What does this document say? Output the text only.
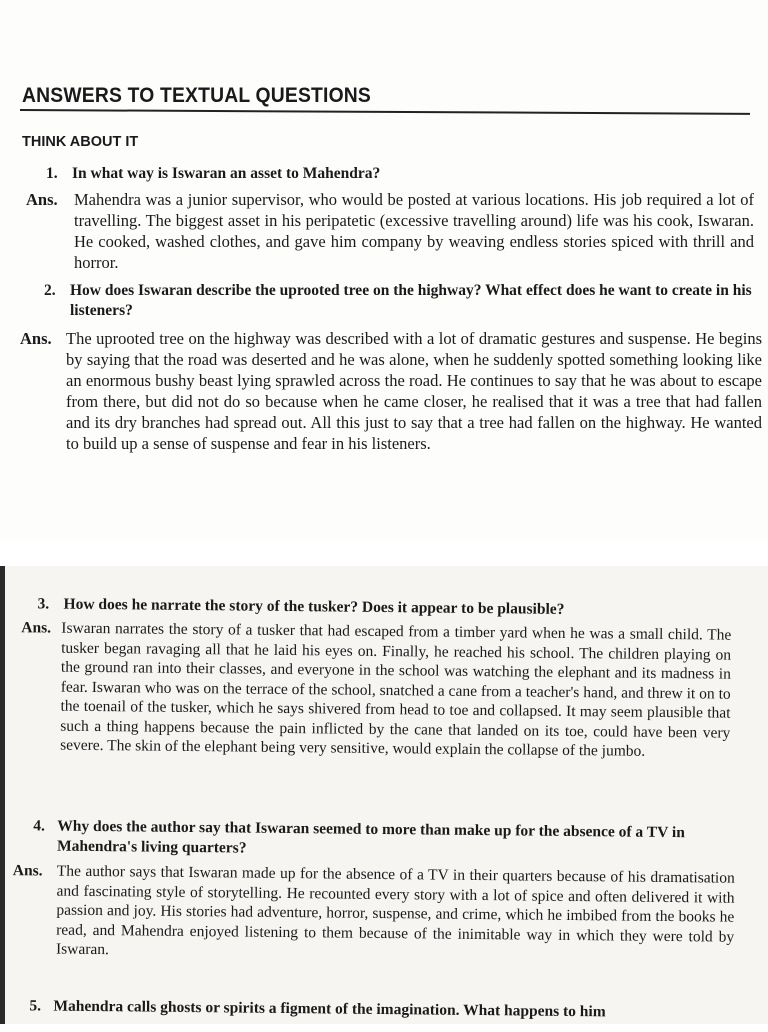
ANSWERS TO TEXTUAL QUESTIONS
THINK ABOUT IT
1. In what way is Iswaran an asset to Mahendra?
Ans. Mahendra was a junior supervisor, who would be posted at various locations. His job required a lot of travelling. The biggest asset in his peripatetic (excessive travelling around) life was his cook, Iswaran. He cooked, washed clothes, and gave him company by weaving endless stories spiced with thrill and horror.
2. How does Iswaran describe the uprooted tree on the highway? What effect does he want to create in his listeners?
Ans. The uprooted tree on the highway was described with a lot of dramatic gestures and suspense. He begins by saying that the road was deserted and he was alone, when he suddenly spotted something looking like an enormous bushy beast lying sprawled across the road. He continues to say that he was about to escape from there, but did not do so because when he came closer, he realised that it was a tree that had fallen and its dry branches had spread out. All this just to say that a tree had fallen on the highway. He wanted to build up a sense of suspense and fear in his listeners.
3. How does he narrate the story of the tusker? Does it appear to be plausible?
Ans. Iswaran narrates the story of a tusker that had escaped from a timber yard when he was a small child. The tusker began ravaging all that he laid his eyes on. Finally, he reached his school. The children playing on the ground ran into their classes, and everyone in the school was watching the elephant and its madness in fear. Iswaran who was on the terrace of the school, snatched a cane from a teacher's hand, and threw it on to the toenail of the tusker, which he says shivered from head to toe and collapsed. It may seem plausible that such a thing happens because the pain inflicted by the cane that landed on its toe, could have been very severe. The skin of the elephant being very sensitive, would explain the collapse of the jumbo.
4. Why does the author say that Iswaran seemed to more than make up for the absence of a TV in Mahendra's living quarters?
Ans. The author says that Iswaran made up for the absence of a TV in their quarters because of his dramatisation and fascinating style of storytelling. He recounted every story with a lot of spice and often delivered it with passion and joy. His stories had adventure, horror, suspense, and crime, which he imbibed from the books he read, and Mahendra enjoyed listening to them because of the inimitable way in which they were told by Iswaran.
5. Mahendra calls ghosts or spirits a figment of the imagination. What happens to him
